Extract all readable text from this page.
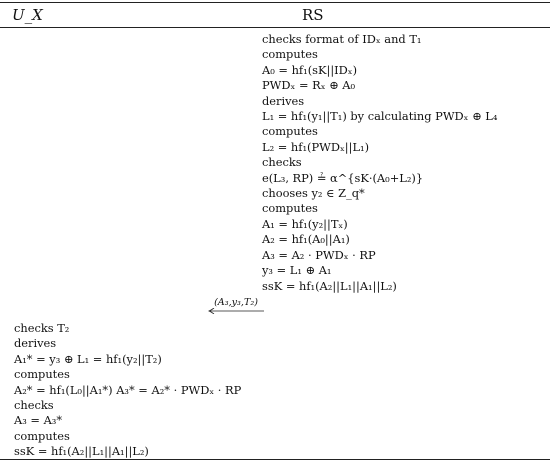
U_X	RS
checks format of IDₓ and T₁
computes
A₀ = hf₁(sK||IDₓ)
PWDₓ = Rₓ ⊕ A₀
derives
L₁ = hf₁(y₁||T₁) by calculating PWDₓ ⊕ L₄
computes
L₂ = hf₁(PWDₓ||L₁)
checks
e(L₃, RP) ≟ α^{sK·(A₀+L₂)}
chooses y₂ ∈ Z_q*
computes
A₁ = hf₁(y₂||Tₓ)
A₂ = hf₁(A₀||A₁)
A₃ = A₂ · PWDₓ · RP
y₃ = L₁ ⊕ A₁
ssK = hf₁(A₂||L₁||A₁||L₂)
(A₃,y₃,T₂)
checks T₂
derives
A₁* = y₃ ⊕ L₁ = hf₁(y₂||T₂)
computes
A₂* = hf₁(L₀||A₁*) A₃* = A₂* · PWDₓ · RP
checks
A₃ = A₃*
computes
ssK = hf₁(A₂||L₁||A₁||L₂)
